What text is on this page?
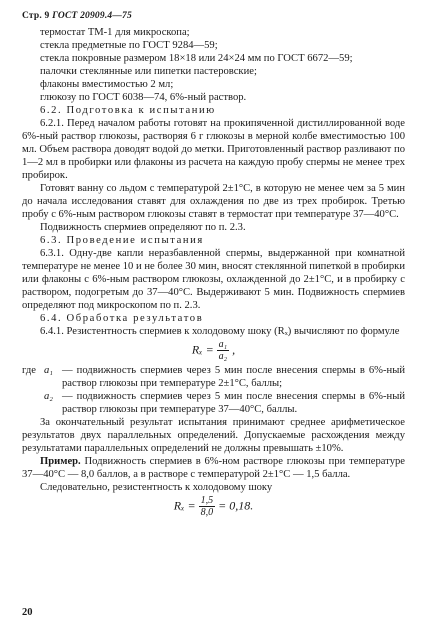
Стр. 9 ГОСТ 20909.4—75

термостат ТМ-1 для микроскопа;

стекла предметные по ГОСТ 9284—59;

стекла покровные размером 18×18 или 24×24 мм по ГОСТ 6672—59;

палочки стеклянные или пипетки пастеровские;

флаконы вместимостью 2 мл;

глюкозу по ГОСТ 6038—74, 6%-ный раствор.

6.2. Подготовка к испытанию

6.2.1. Перед началом работы готовят на прокипяченной дистиллированной воде 6%-ный раствор глюкозы, растворяя 6 г глюкозы в мерной колбе вместимостью 100 мл. Объем раствора доводят водой до метки. Приготовленный раствор разливают по 1—2 мл в пробирки или флаконы из расчета на каждую пробу спермы не менее трех пробирок.

Готовят ванну со льдом с температурой 2±1°С, в которую не менее чем за 5 мин до начала исследования ставят для охлаждения по две из трех пробирок. Третью пробу с 6%-ным раствором глюкозы ставят в термостат при температуре 37—40°С.

Подвижность спермиев определяют по п. 2.3.

6.3. Проведение испытания

6.3.1. Одну-две капли неразбавленной спермы, выдержанной при комнатной температуре не менее 10 и не более 30 мин, вносят стеклянной пипеткой в пробирки или флаконы с 6%-ным раствором глюкозы, охлажденной до 2±1°С, и в пробирку с раствором, подогретым до 37—40°С. Выдерживают 5 мин. Подвижность спермиев определяют под микроскопом по п. 2.3.

6.4. Обработка результатов

6.4.1. Резистентность спермиев к холодовому шоку (Rₓ) вычисляют по формуле

$R_x = \frac{\text{a₁}}{\text{a₂}}$ ,
где a₁ — подвижность спермиев через 5 мин после внесения спермы в 6%-ный раствор глюкозы при температуре 2±1°С, баллы;
a₂ — подвижность спермиев через 5 мин после внесения спермы в 6%-ный раствор глюкозы при температуре 37—40°С, баллы.

За окончательный результат испытания принимают среднее арифметическое результатов двух параллельных определений. Допускаемые расхождения между результатами параллельных определений не должны превышать ±10%.

Пример. Подвижность спермиев в 6%-ном растворе глюкозы при температуре 37—40°С — 8,0 баллов, а в растворе с температурой 2±1°С — 1,5 балла.

Следовательно, резистентность к холодовому шоку

$R_x = \frac{1,5}{8,0} = 0,18$.
20
